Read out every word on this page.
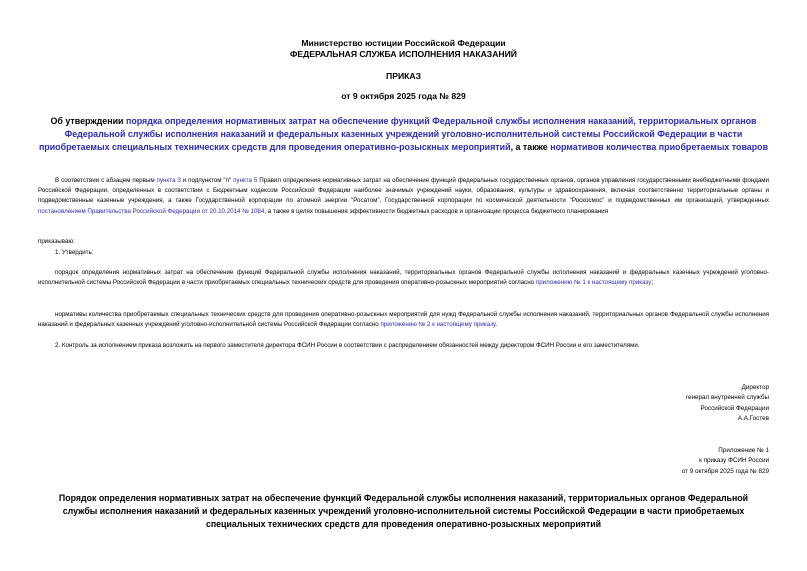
Министерство юстиции Российской Федерации
ФЕДЕРАЛЬНАЯ СЛУЖБА ИСПОЛНЕНИЯ НАКАЗАНИЙ
ПРИКАЗ
от 9 октября 2025 года № 829
Об утверждении порядка определения нормативных затрат на обеспечение функций Федеральной службы исполнения наказаний, территориальных органов Федеральной службы исполнения наказаний и федеральных казенных учреждений уголовно-исполнительной системы Российской Федерации в части приобретаемых специальных технических средств для проведения оперативно-розыскных мероприятий, а также нормативов количества приобретаемых товаров
В соответствии с абзацем первым пункта 3 и подпунктом "п" пункта 5 Правил определения нормативных затрат на обеспечение функций федеральных государственных органов, органов управления государственными внебюджетными фондами Российской Федерации, определенных в соответствии с Бюджетным кодексом Российской Федерации наиболее значимых учреждений науки, образования, культуры и здравоохранения, включая соответственно территориальные органы и подведомственные казенные учреждения, а также Государственной корпорации по атомной энергии "Росатом", Государственной корпорации по космической деятельности "Роскосмос" и подведомственных им организаций, утвержденных постановлением Правительства Российской Федерации от 20.10.2014 № 1084, а также в целях повышения эффективности бюджетных расходов и организации процесса бюджетного планирования
приказываю:
1. Утвердить:
порядок определения нормативных затрат на обеспечение функций Федеральной службы исполнения наказаний, территориальных органов Федеральной службы исполнения наказаний и федеральных казенных учреждений уголовно-исполнительной системы Российской Федерации в части приобретаемых специальных технических средств для проведения оперативно-розыскных мероприятий согласно приложению № 1 к настоящему приказу;
нормативы количества приобретаемых специальных технических средств для проведения оперативно-розыскных мероприятий для нужд Федеральной службы исполнения наказаний, территориальных органов Федеральной службы исполнения наказаний и федеральных казенных учреждений уголовно-исполнительной системы Российской Федерации согласно приложению № 2 к настоящему приказу.
2. Контроль за исполнением приказа возложить на первого заместителя директора ФСИН России в соответствии с распределением обязанностей между директором ФСИН России и его заместителями.

Директор

генерал внутренней службы

Российской Федерации

А.А.Гостев

Приложение № 1

к приказу ФСИН России

от 9 октября 2025 года № 829

Порядок определения нормативных затрат на обеспечение функций Федеральной службы исполнения наказаний, территориальных органов Федеральной службы исполнения наказаний и федеральных казенных учреждений уголовно-исполнительной системы Российской Федерации в части приобретаемых специальных технических средств для проведения оперативно-розыскных мероприятий
